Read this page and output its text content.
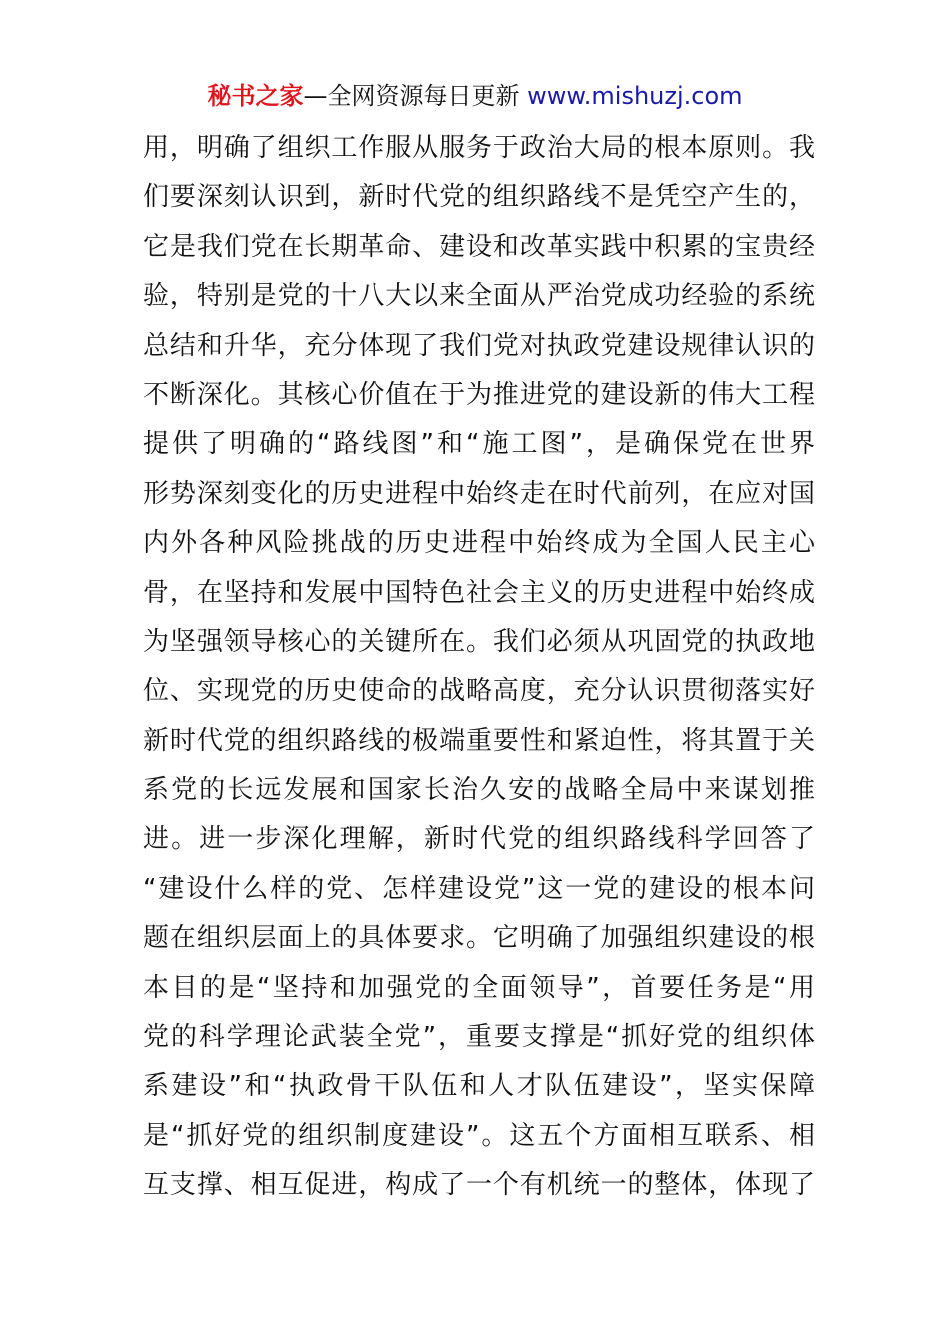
秘书之家—全网资源每日更新 www.mishuzj.com
用，明确了组织工作服从服务于政治大局的根本原则。我
们要深刻认识到，新时代党的组织路线不是凭空产生的，
它是我们党在长期革命、建设和改革实践中积累的宝贵经
验，特别是党的十八大以来全面从严治党成功经验的系统
总结和升华，充分体现了我们党对执政党建设规律认识的
不断深化。其核心价值在于为推进党的建设新的伟大工程
提供了明确的“路线图”和“施工图”，是确保党在世界
形势深刻变化的历史进程中始终走在时代前列，在应对国
内外各种风险挑战的历史进程中始终成为全国人民主心
骨，在坚持和发展中国特色社会主义的历史进程中始终成
为坚强领导核心的关键所在。我们必须从巩固党的执政地
位、实现党的历史使命的战略高度，充分认识贯彻落实好
新时代党的组织路线的极端重要性和紧迫性，将其置于关
系党的长远发展和国家长治久安的战略全局中来谋划推
进。进一步深化理解，新时代党的组织路线科学回答了
“建设什么样的党、怎样建设党”这一党的建设的根本问
题在组织层面上的具体要求。它明确了加强组织建设的根
本目的是“坚持和加强党的全面领导”，首要任务是“用
党的科学理论武装全党”，重要支撑是“抓好党的组织体
系建设”和“执政骨干队伍和人才队伍建设”，坚实保障
是“抓好党的组织制度建设”。这五个方面相互联系、相
互支撑、相互促进，构成了一个有机统一的整体，体现了
